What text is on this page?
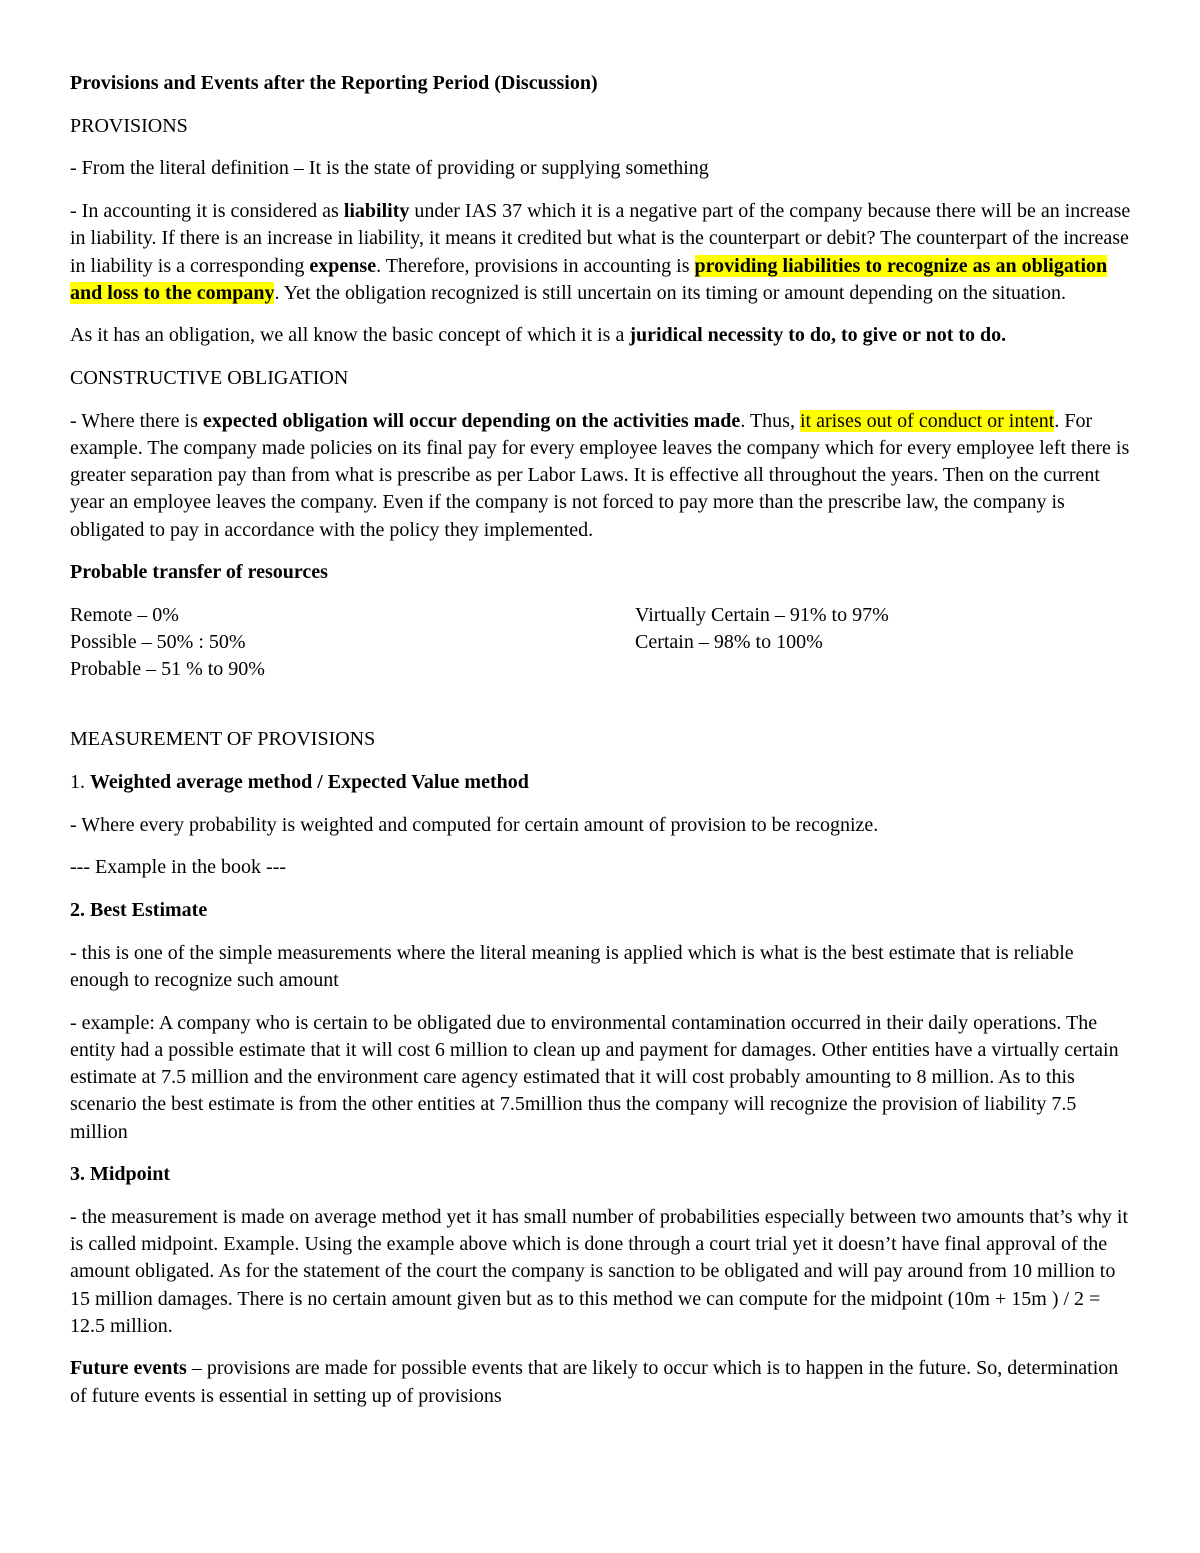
Provisions and Events after the Reporting Period (Discussion)

PROVISIONS

- From the literal definition – It is the state of providing or supplying something

- In accounting it is considered as liability under IAS 37 which it is a negative part of the company because there will be an increase in liability. If there is an increase in liability, it means it credited but what is the counterpart or debit? The counterpart of the increase in liability is a corresponding expense. Therefore, provisions in accounting is providing liabilities to recognize as an obligation and loss to the company. Yet the obligation recognized is still uncertain on its timing or amount depending on the situation.

As it has an obligation, we all know the basic concept of which it is a juridical necessity to do, to give or not to do.

CONSTRUCTIVE OBLIGATION

- Where there is expected obligation will occur depending on the activities made. Thus, it arises out of conduct or intent. For example. The company made policies on its final pay for every employee leaves the company which for every employee left there is greater separation pay than from what is prescribe as per Labor Laws. It is effective all throughout the years. Then on the current year an employee leaves the company. Even if the company is not forced to pay more than the prescribe law, the company is obligated to pay in accordance with the policy they implemented.

Probable transfer of resources

Remote – 0%
Possible – 50% : 50%
Probable – 51 % to 90%
Virtually Certain – 91% to 97%
Certain – 98% to 100%

MEASUREMENT OF PROVISIONS

1. Weighted average method / Expected Value method

- Where every probability is weighted and computed for certain amount of provision to be recognize.

--- Example in the book ---

2. Best Estimate

- this is one of the simple measurements where the literal meaning is applied which is what is the best estimate that is reliable enough to recognize such amount

- example: A company who is certain to be obligated due to environmental contamination occurred in their daily operations. The entity had a possible estimate that it will cost 6 million to clean up and payment for damages. Other entities have a virtually certain estimate at 7.5 million and the environment care agency estimated that it will cost probably amounting to 8 million. As to this scenario the best estimate is from the other entities at 7.5million thus the company will recognize the provision of liability 7.5 million

3. Midpoint

- the measurement is made on average method yet it has small number of probabilities especially between two amounts that’s why it is called midpoint. Example. Using the example above which is done through a court trial yet it doesn’t have final approval of the amount obligated. As for the statement of the court the company is sanction to be obligated and will pay around from 10 million to 15 million damages. There is no certain amount given but as to this method we can compute for the midpoint (10m + 15m ) / 2 = 12.5 million.

Future events – provisions are made for possible events that are likely to occur which is to happen in the future. So, determination of future events is essential in setting up of provisions
